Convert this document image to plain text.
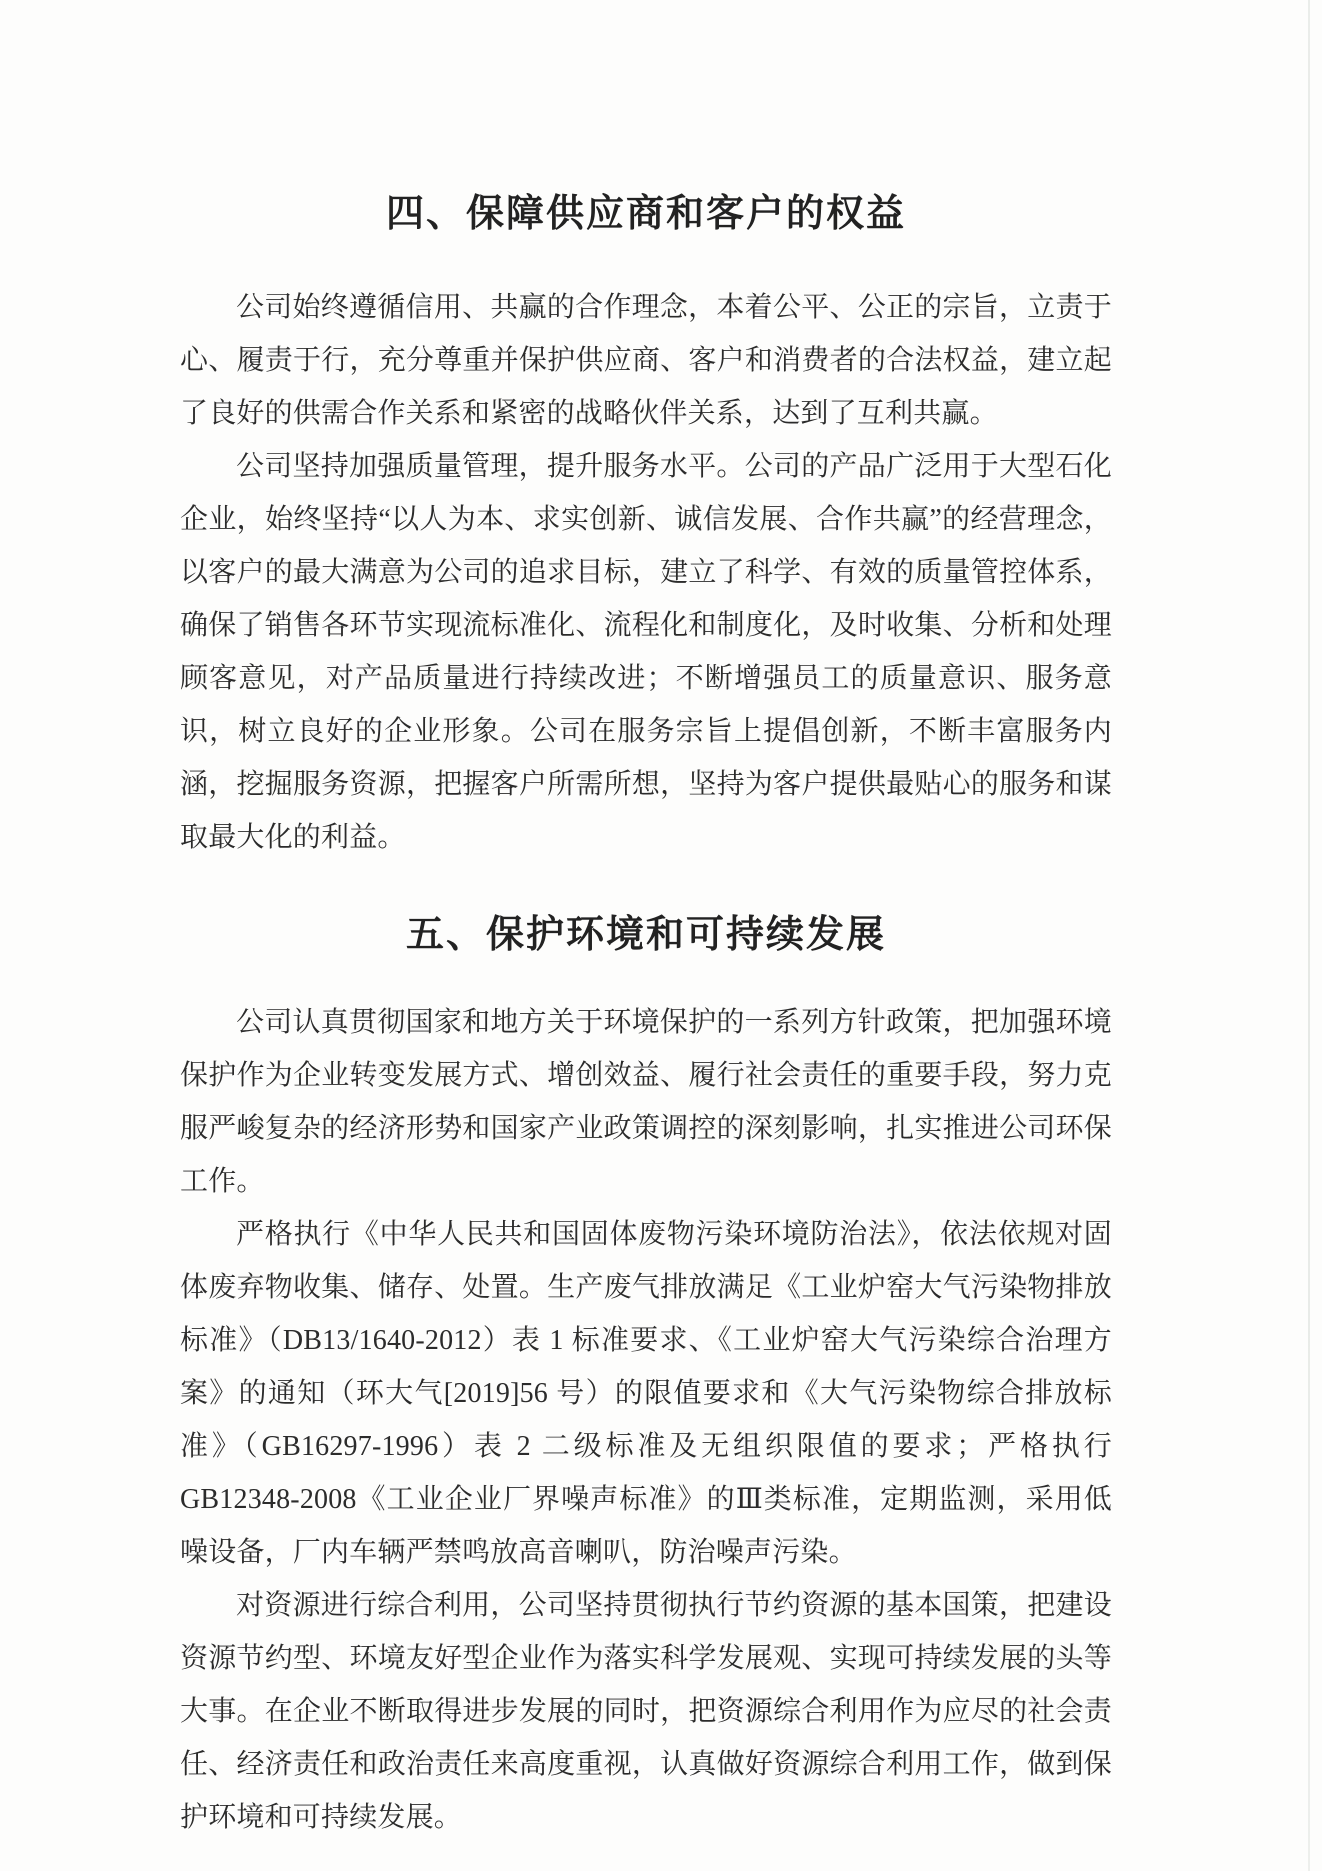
四、保障供应商和客户的权益

公司始终遵循信用、共赢的合作理念，本着公平、公正的宗旨，立责于心、履责于行，充分尊重并保护供应商、客户和消费者的合法权益，建立起了良好的供需合作关系和紧密的战略伙伴关系，达到了互利共赢。

公司坚持加强质量管理，提升服务水平。公司的产品广泛用于大型石化企业，始终坚持“以人为本、求实创新、诚信发展、合作共赢”的经营理念，以客户的最大满意为公司的追求目标，建立了科学、有效的质量管控体系，确保了销售各环节实现流标准化、流程化和制度化，及时收集、分析和处理顾客意见，对产品质量进行持续改进；不断增强员工的质量意识、服务意识，树立良好的企业形象。公司在服务宗旨上提倡创新，不断丰富服务内涵，挖掘服务资源，把握客户所需所想，坚持为客户提供最贴心的服务和谋取最大化的利益。

五、保护环境和可持续发展

公司认真贯彻国家和地方关于环境保护的一系列方针政策，把加强环境保护作为企业转变发展方式、增创效益、履行社会责任的重要手段，努力克服严峻复杂的经济形势和国家产业政策调控的深刻影响，扎实推进公司环保工作。

严格执行《中华人民共和国固体废物污染环境防治法》，依法依规对固体废弃物收集、储存、处置。生产废气排放满足《工业炉窑大气污染物排放标准》（DB13/1640-2012）表 1 标准要求、《工业炉窑大气污染综合治理方案》的通知（环大气[2019]56 号）的限值要求和《大气污染物综合排放标准》（GB16297-1996）表 2 二级标准及无组织限值的要求；严格执行 GB12348-2008《工业企业厂界噪声标准》的Ⅲ类标准，定期监测，采用低噪设备，厂内车辆严禁鸣放高音喇叭，防治噪声污染。

对资源进行综合利用，公司坚持贯彻执行节约资源的基本国策，把建设资源节约型、环境友好型企业作为落实科学发展观、实现可持续发展的头等大事。在企业不断取得进步发展的同时，把资源综合利用作为应尽的社会责任、经济责任和政治责任来高度重视，认真做好资源综合利用工作，做到保护环境和可持续发展。
